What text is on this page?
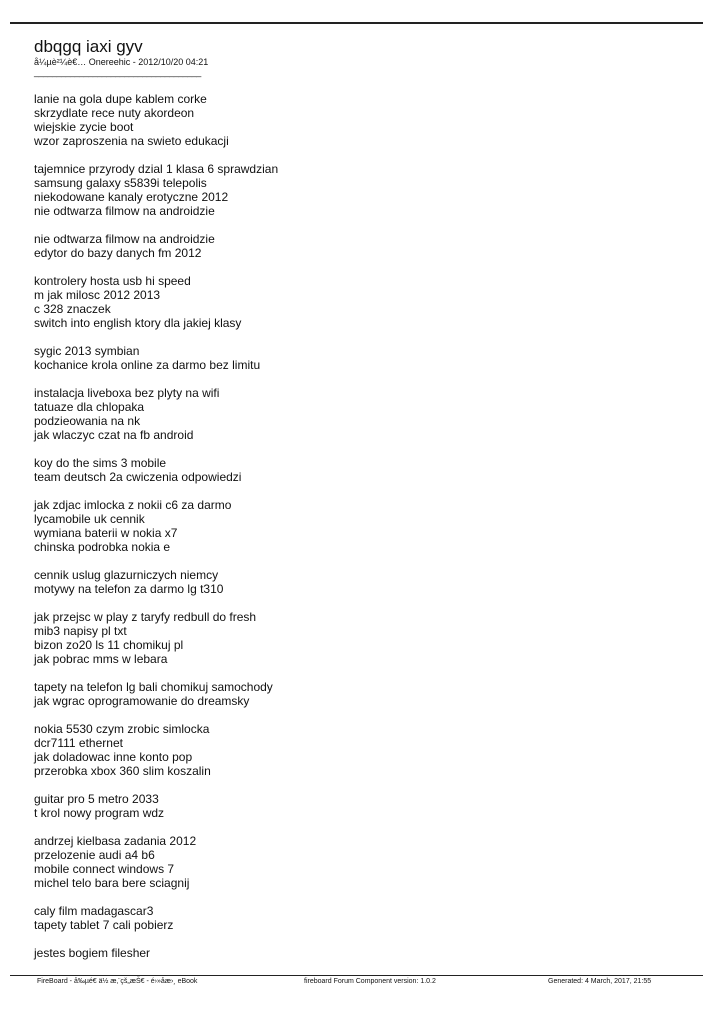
dbqgq iaxi gyv
å¼µè²¼è€… Onereehic - 2012/10/20 04:21
_____________________________________
lanie na gola dupe kablem corke
skrzydlate rece nuty akordeon
wiejskie zycie boot
wzor zaproszenia na swieto edukacji
tajemnice przyrody dzial 1 klasa 6 sprawdzian
samsung galaxy s5839i telepolis
niekodowane kanaly erotyczne 2012
nie odtwarza filmow na androidzie
nie odtwarza filmow na androidzie
edytor do bazy danych fm 2012
kontrolery hosta usb hi speed
m jak milosc 2012 2013
c 328 znaczek
switch into english ktory dla jakiej klasy
sygic 2013 symbian
kochanice krola online za darmo bez limitu
instalacja liveboxa bez plyty na wifi
tatuaze dla chlopaka
podzieowania na nk
jak wlaczyc czat na fb android
koy do the sims 3 mobile
team deutsch 2a cwiczenia odpowiedzi
jak zdjac imlocka z nokii c6 za darmo
lycamobile uk cennik
wymiana baterii w nokia x7
chinska podrobka nokia e
cennik uslug glazurniczych niemcy
motywy na telefon za darmo lg t310
jak przejsc w play z taryfy redbull do fresh
mib3 napisy pl txt
bizon zo20 ls 11 chomikuj pl
jak pobrac mms w lebara
tapety na telefon lg bali chomikuj samochody
jak wgrac oprogramowanie do dreamsky
nokia 5530 czym zrobic simlocka
dcr7111 ethernet
jak doladowac inne konto pop
przerobka xbox 360 slim koszalin
guitar pro 5 metro 2033
t krol nowy program wdz
andrzej kielbasa zadania 2012
przelozenie audi a4 b6
mobile connect windows 7
michel telo bara bere sciagnij
caly film madagascar3
tapety tablet 7 cali pobierz
jestes bogiem filesher
FireBoard - å‰µé€ ä½ æ‚¨çš„æŠ€ - é›»åæ›¸ eBook	fireboard Forum Component version: 1.0.2	Generated: 4 March, 2017, 21:55
